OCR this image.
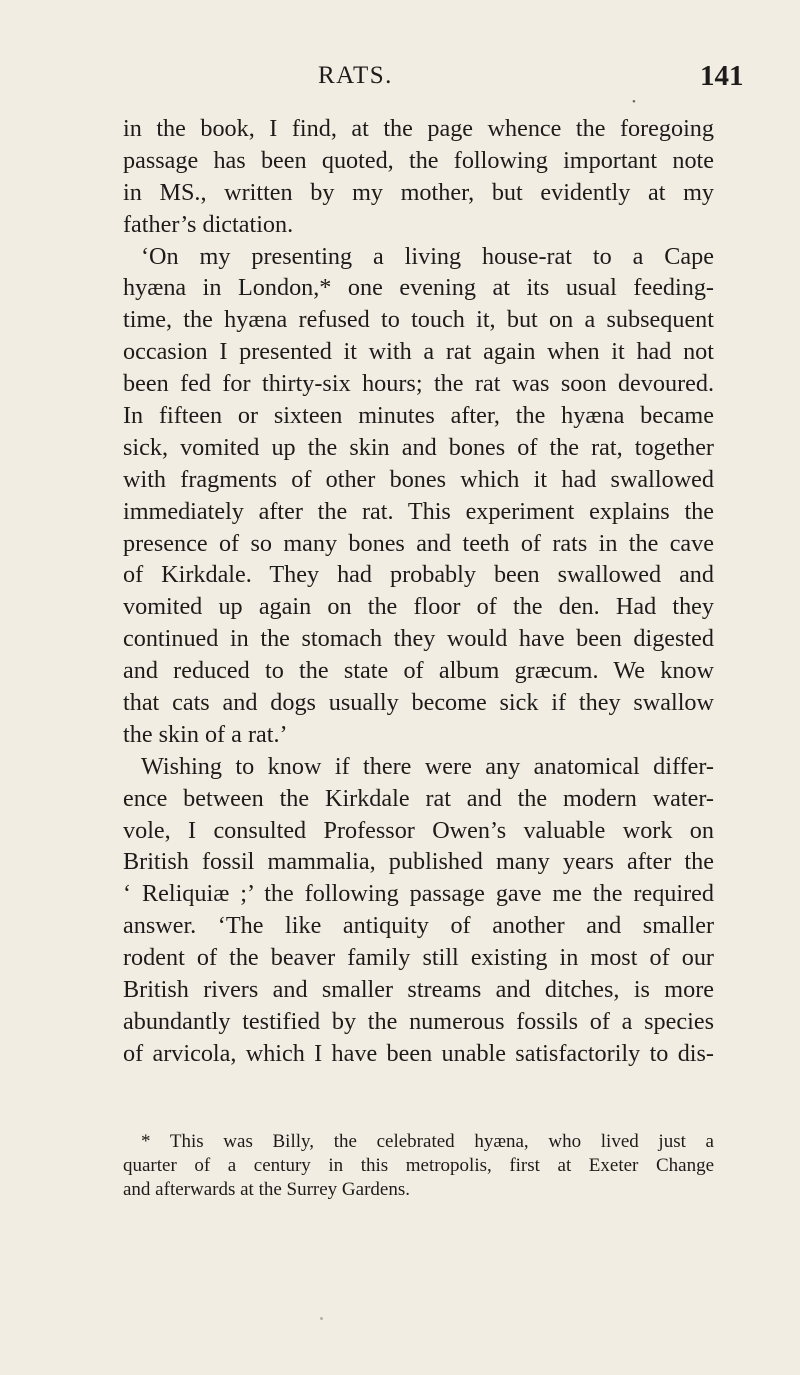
RATS.	141
•
in the book, I find, at the page whence the foregoing
passage has been quoted, the following important note
in MS., written by my mother, but evidently at my
father’s dictation.
‘On my presenting a living house-rat to a Cape
hyæna in London,* one evening at its usual feeding-
time, the hyæna refused to touch it, but on a subsequent
occasion I presented it with a rat again when it had not
been fed for thirty-six hours; the rat was soon devoured.
In fifteen or sixteen minutes after, the hyæna became
sick, vomited up the skin and bones of the rat, together
with fragments of other bones which it had swallowed
immediately after the rat. This experiment explains the
presence of so many bones and teeth of rats in the cave
of Kirkdale. They had probably been swallowed and
vomited up again on the floor of the den. Had they
continued in the stomach they would have been digested
and reduced to the state of album græcum. We know
that cats and dogs usually become sick if they swallow
the skin of a rat.’
Wishing to know if there were any anatomical differ-
ence between the Kirkdale rat and the modern water-
vole, I consulted Professor Owen’s valuable work on
British fossil mammalia, published many years after the
‘ Reliquiæ ;’ the following passage gave me the required
answer. ‘The like antiquity of another and smaller
rodent of the beaver family still existing in most of our
British rivers and smaller streams and ditches, is more
abundantly testified by the numerous fossils of a species
of arvicola, which I have been unable satisfactorily to dis-
* This was Billy, the celebrated hyæna, who lived just a
quarter of a century in this metropolis, first at Exeter Change
and afterwards at the Surrey Gardens.
